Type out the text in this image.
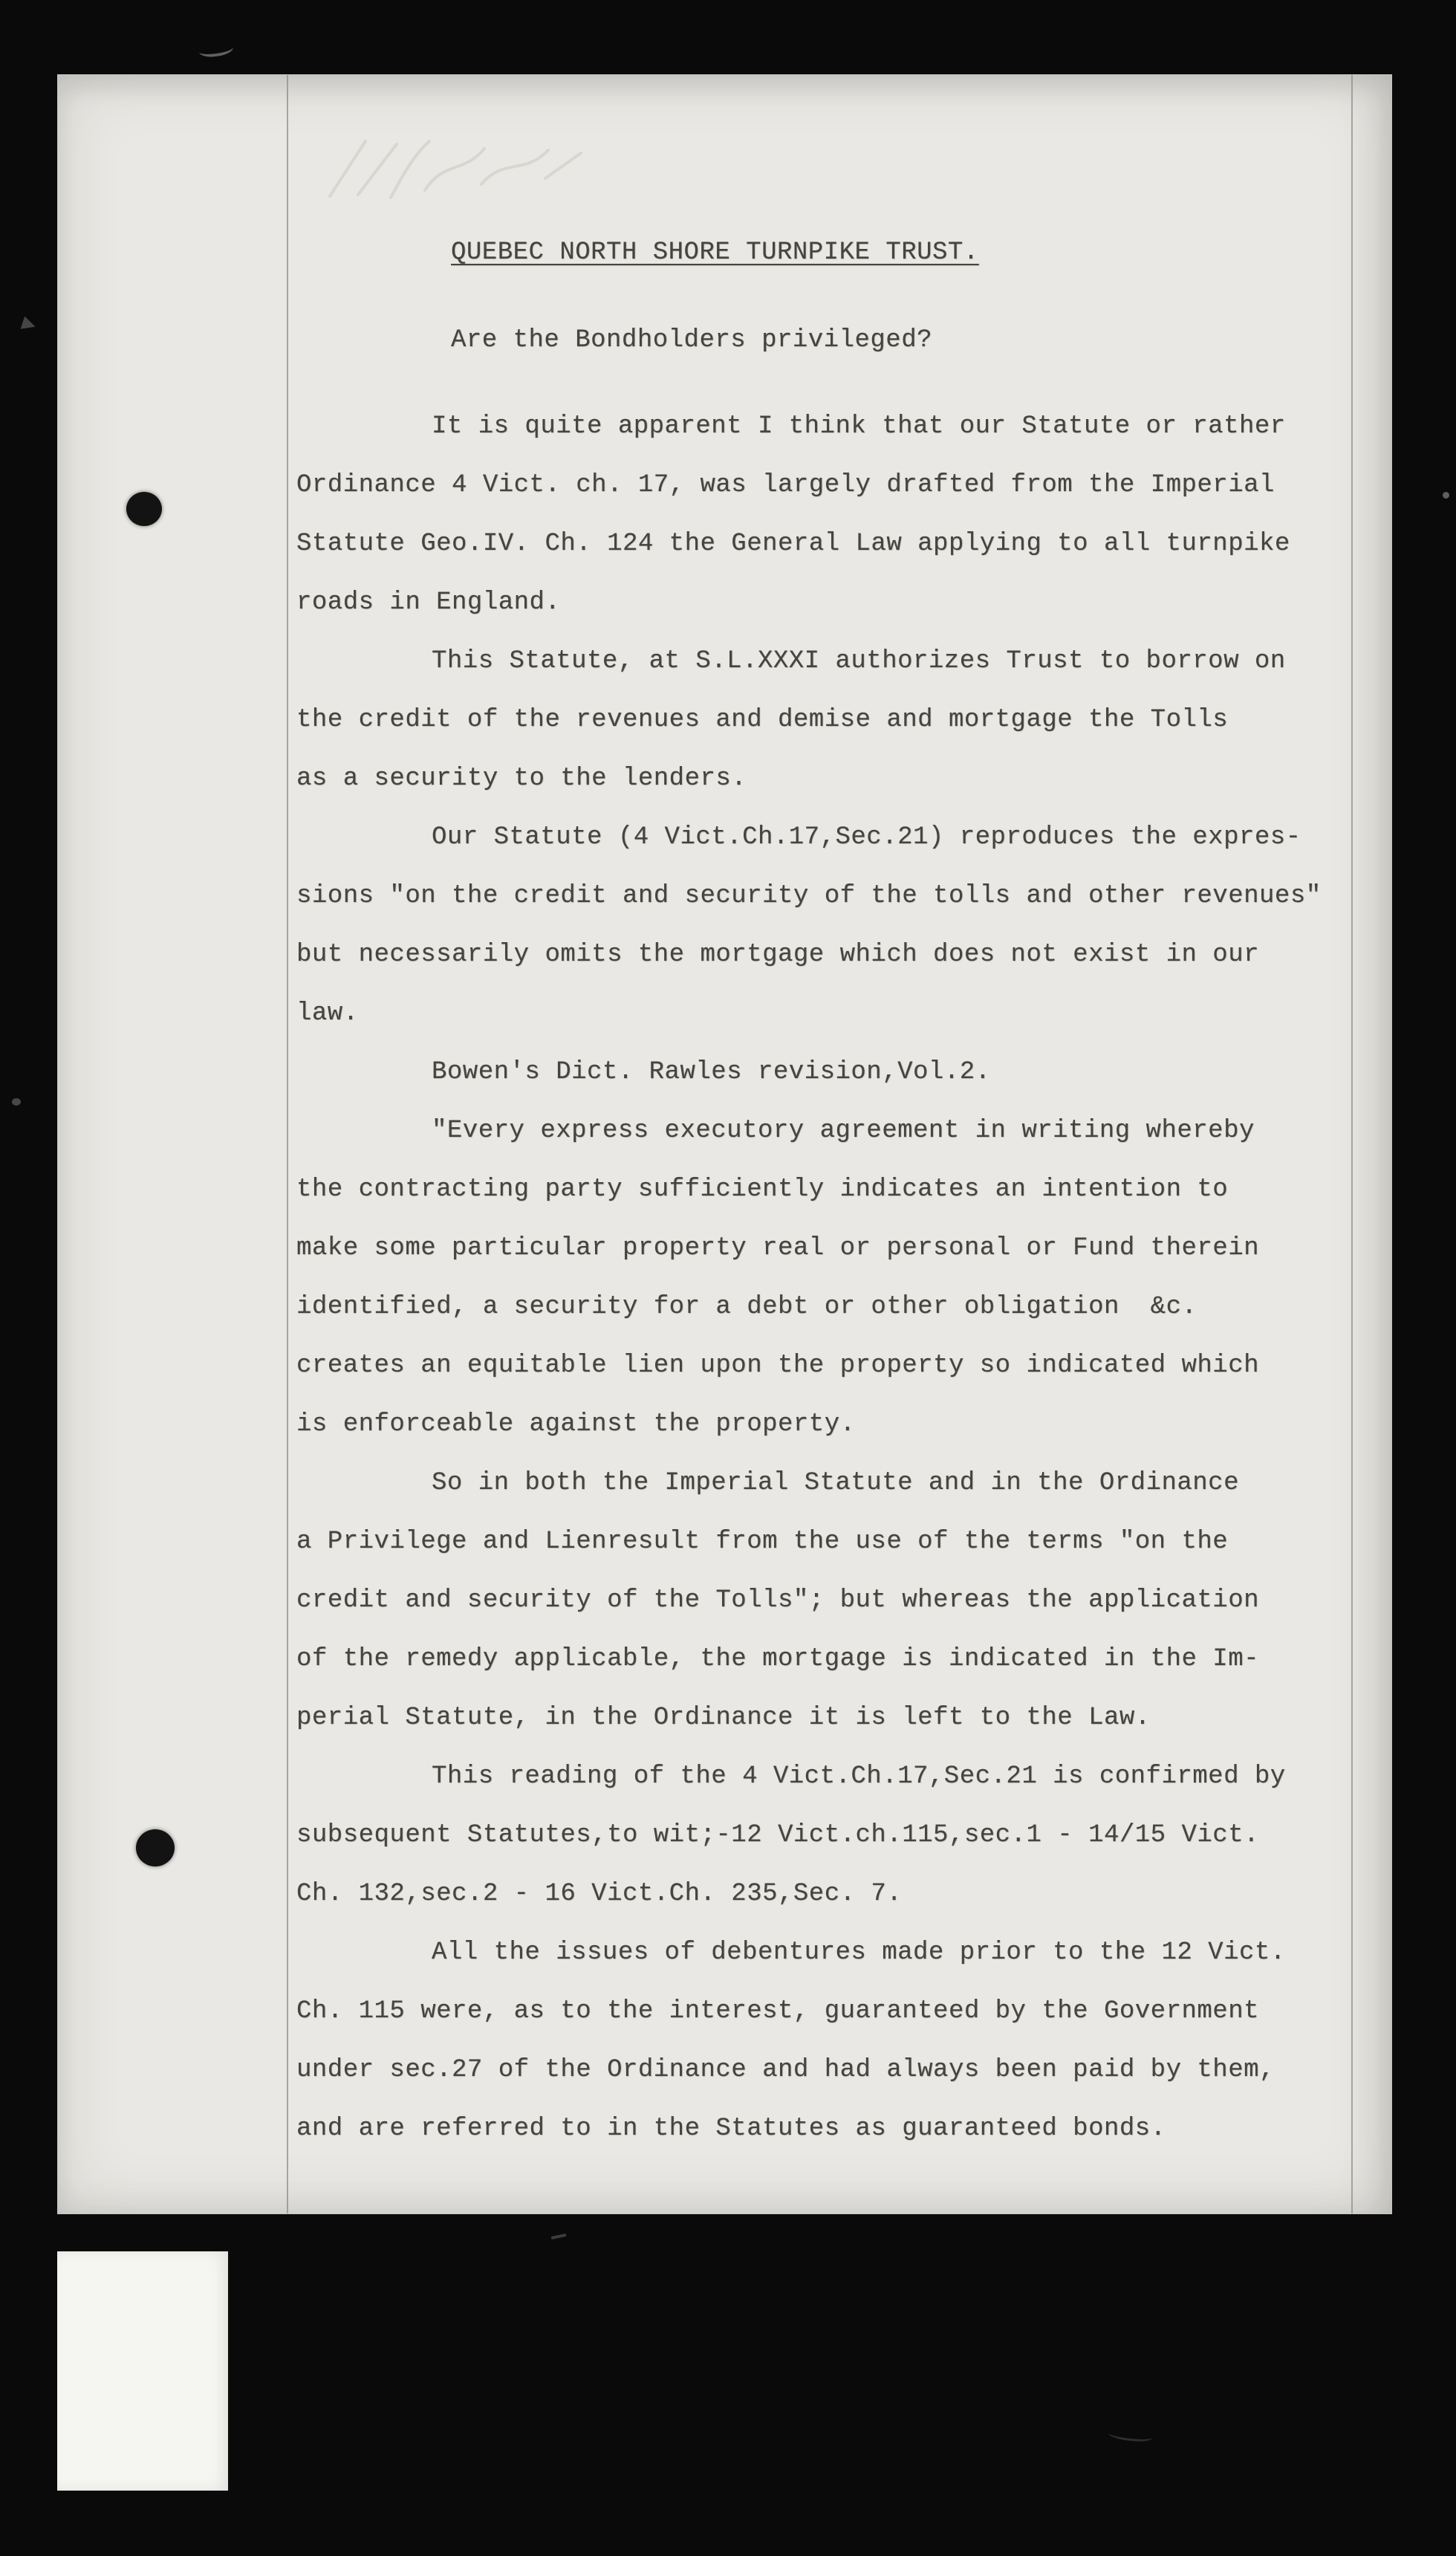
QUEBEC NORTH SHORE TURNPIKE TRUST.
Are the Bondholders privileged?
It is quite apparent I think that our Statute or rather
Ordinance 4 Vict. ch. 17, was largely drafted from the Imperial
Statute Geo.IV. Ch. 124 the General Law applying to all turnpike
roads in England.
This Statute, at S.L.XXXI authorizes Trust to borrow on
the credit of the revenues and demise and mortgage the Tolls
as a security to the lenders.
Our Statute (4 Vict.Ch.17,Sec.21) reproduces the expres-
sions "on the credit and security of the tolls and other revenues"
but necessarily omits the mortgage which does not exist in our
law.
Bowen's Dict. Rawles revision,Vol.2.
"Every express executory agreement in writing whereby
the contracting party sufficiently indicates an intention to
make some particular property real or personal or Fund therein
identified, a security for a debt or other obligation  &c.
creates an equitable lien upon the property so indicated which
is enforceable against the property.
So in both the Imperial Statute and in the Ordinance
a Privilege and Lienresult from the use of the terms "on the
credit and security of the Tolls"; but whereas the application
of the remedy applicable, the mortgage is indicated in the Im-
perial Statute, in the Ordinance it is left to the Law.
This reading of the 4 Vict.Ch.17,Sec.21 is confirmed by
subsequent Statutes,to wit;-12 Vict.ch.115,sec.1 - 14/15 Vict.
Ch. 132,sec.2 - 16 Vict.Ch. 235,Sec. 7.
All the issues of debentures made prior to the 12 Vict.
Ch. 115 were, as to the interest, guaranteed by the Government
under sec.27 of the Ordinance and had always been paid by them,
and are referred to in the Statutes as guaranteed bonds.
